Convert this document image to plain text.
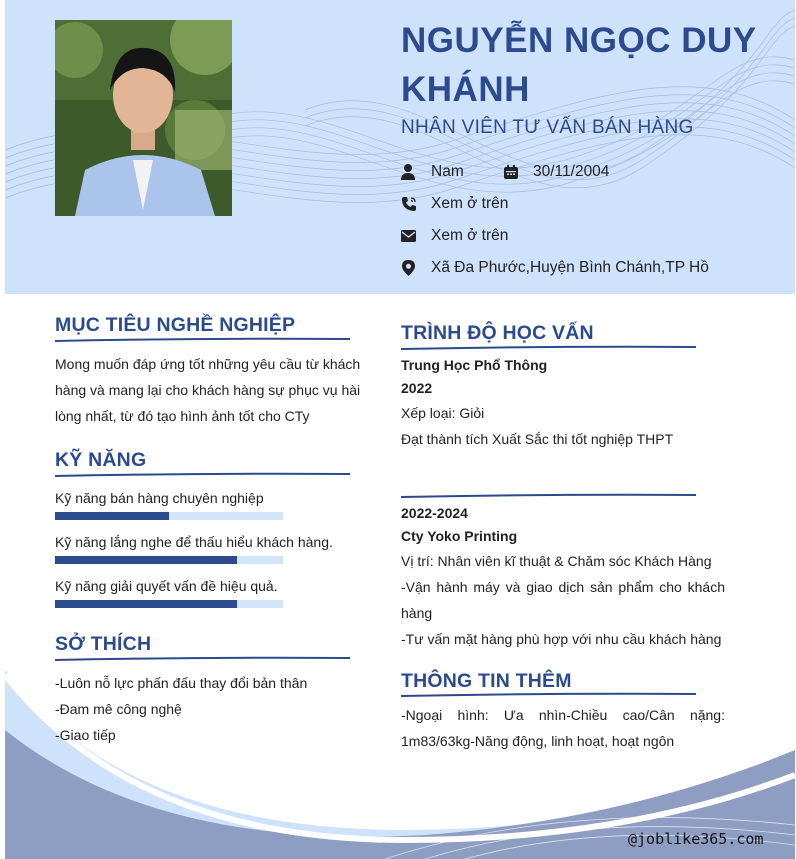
NGUYỄN NGỌC DUY KHÁNH
NHÂN VIÊN TƯ VẤN BÁN HÀNG
Nam	30/11/2004
Xem ở trên
Xem ở trên
Xã Đa Phước,Huyện Bình Chánh,TP Hồ
@joblike365.com
MỤC TIÊU NGHỀ NGHIỆP
Mong muốn đáp ứng tốt những yêu cầu từ khách hàng và mang lại cho khách hàng sự phục vụ hài lòng nhất, từ đó tạo hình ảnh tốt cho CTy
KỸ NĂNG
Kỹ năng bán hàng chuyên nghiệp
Kỹ năng lắng nghe để thấu hiểu khách hàng.
Kỹ năng giải quyết vấn đề hiệu quả.
SỞ THÍCH
-Luôn nỗ lực phấn đấu thay đổi bản thân
-Đam mê công nghệ
-Giao tiếp
TRÌNH ĐỘ HỌC VẤN
Trung Học Phổ Thông
2022
Xếp loại: Giỏi
Đạt thành tích Xuất Sắc thi tốt nghiệp THPT
2022-2024
Cty Yoko Printing
Vị trí: Nhân viên kĩ thuật & Chăm sóc Khách Hàng
-Vận hành máy và giao dịch sản phẩm cho khách hàng
-Tư vấn mặt hàng phù hợp với nhu cầu khách hàng
THÔNG TIN THÊM
-Ngoại hình: Ưa nhìn-Chiều cao/Cân nặng: 1m83/63kg-Năng động, linh hoạt, hoạt ngôn
